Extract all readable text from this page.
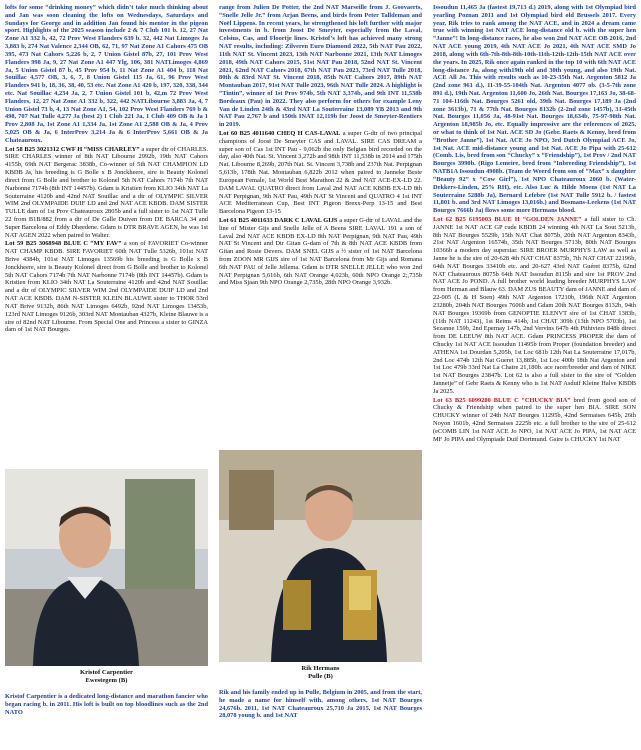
lofts for some “drinking money” which didn’t take much thinking about and Jan was soon cleaning the lofts on Wednesdays, Saturdays and Sundays for George and in addition Jan found his mentor in the pigeon sport. Highlights of the 2025 season include 2 & 7 Club 101 b. 12, 27 Nat Zone A1 332 b, 42, 72 Prov West Flanders 639 b. 32, 442 Nat Limoges Ja 3,883 b, 274 Nat Valence 2,344 OB, 62, 71, 97 Nat Zone A1 Cahors 475 OB 395, 473 Nat Cahors 5,226 b, 2, 7 Union Gistel 87b, 27, 101 Prov West Flanders 998 Ja, 9, 27 Nat Zone A1 447 Ylg, 106, 381 NATLimoges 4,869 Ja, 5 Union Gistel 87 b, 45 Prov 954 b, 11 Nat Zone A1 404 b, 118 Nat Souillac 4,577 OB, 3, 6, 7, 8 Union Gistel 115 Ja, 61, 96 Prov West Flanders 941 b, 18, 36, 38, 40, 53 etc. Nat Zone A1 420 b, 197, 320, 338, 344 etc. Nat Souillac 4,234 Ja, 2, 7 Union Gistel 101 b, 42,m 72 Prov West Flanders, 12, 27 Nat Zone A1 332 b, 322, 442 NATLibourne 3,883 Ja, 4, 7 Union Gistel 73 b, 4, 13 Nat Zone A1, 54, 102 Prov West Flanders 769 b & 498, 707 Nat Tulle 4,277 Ja (best 2) 1 Club 221 Ja, 1 Club 409 OB & Ja 1 Prov 2,808 Ja, 1st Zone A1 1,334 Ja, 1st Zone A1 2,588 OB & Ja, 4 Prov 5,025 OB & Ja, 6 InterProv 3,214 Ja & 6 InterProv 5,661 OB & Ja Chateauroux.

Lot 58 B25 3021312 CWF H “MISS CHARLEY” a super dtr of CHARLES. SIRE CHARLES winner of 8th NAT Libourne 2992b, 19th NAT Cahors 4155b, 69th NAT Bergerac 3838b, Co-winner of 5th NAT CHAMPION LD KBDB Ja, his breeding is G Bolle x B Jonckheere, sire is Beauty Kolonel direct from G Bolle and brother to Kolonel 5th NAT Cahors 7174b 7th NAT Narbonne 7174b (8th INT 14457b). Gdam is Kristien from KLIO 34th NAT La Souterraine 4120b and 42nd NAT Souillac and a dtr of OLYMPIC SILVER WIM 2nd OLYMPAIDE DUIF LD and 2nd NAT ACE KBDB. DAM SISTER TULLE dam of 1st Prov Chateauroux 2805b and a full sister to 1st NAT Tulle 22 from B1B/882 from a dtr of De Galle Duiven from DE BARCA 34 and Super Barcelona of Eddy Dheedene. Gdam is DTR BRAVE AGEN, he was 1st NAT AGEN 2022 when paired to Walter.

Lot 59 B25 3068948 BLUE C “MY FAV” a son of FAVORIET Co-winner NAT CHAMP KBDB. SIRE FAVORIET 60th NAT Tulle 5326b, 101st NAT Brive 4384b, 101st NAT Limoges 13569b his breeding is G Bolle x B Jonckheere, sire is Beauty Kolonel direct from G Bolle and brother to Kolonel 5th NAT Cahors 7174b 7th NAT Narbonne 7174b (8th INT 14457b). Gdam is Kristien from KLIO 34th NAT La Souterraine 4120b and 42nd NAT Souillac and a dtr of OLYMPIC SILVER WIM 2nd OLYMPAIDE DUIF LD and 2nd NAT ACE KBDB. DAM N-SISTER KLEIN BLAUWE sister to THOR 53rd NAT Brive 9132b, 86th NAT Limoges 6492b, 92nd NAT Limoges 13453b, 123rd NAT Limoges 9126b, 303rd NAT Montauban 4327b, Kleine Blauwe is a sire of 82nd NAT Libourne. From Special One and Princess a sister to GINZA dam of 1st NAT Bourges.

Kristof Carpentier
Ewestegem (B)
Kristof Carpentier is a dedicated long-distance and marathon fancier who began racing b. in 2011. His loft is built on top bloodlines such as the 2nd NATO

range from Julien De Potter, the 2nd NAT Marseille from J. Goovaerts, “Snelle Jelle Jr.” from Arjan Beens, and birds from Peter Talldeman and Noël Lippens. In recent years, he strengthened his loft further with major investments in b. from Joost De Smeyter, especially from the Laval, Celsius, Cas, and Floortje lines. Kristof’s loft has achieved many strong NAT results, including: Zilveren Euro Diamond 2022, 5th NAT Pau 2022, 11th NAT St. Vincent 2023, 13th NAT Narbonne 2021, 13th NAT Limoges 2018, 49th NAT Cahors 2015, 51st NAT Pau 2018, 52nd NAT St. Vincent 2021, 62nd NAT Cahors 2018, 67th NAT Pau 2023, 73rd NAT Tulle 2018, 80th & 83rd NAT St. Vincent 2018, 85th NAT Cahors 2017, 89th NAT Montauban 2017, 91st NAT Tulle 2023, 96th NAT Tulle 2024. A highlight is “Tintin”, winner of 1st Prov 974b, 5th NAT 3,374b, and 9th INT 11,538b Bordeaux (Pau) in 2022. They also perform for others for example Leny Van de Linden 24th & 43rd NAT La Souterraine 13,089 YB 2013 and 9th NAT Pau 2,767 b and 150th INAT 12,119b for Joost de Smeyter-Rentiers in 2019.

Lot 60 B25 4011640 CHEQ H CAS-LAVAL a super G-dtr of two principal champions of Joost De Smeyter CAS and LAVAL. SIRE CAS DREAM a super son of Cas 1st INT Pau - 9,062b the only Belgian bird recorded on the day, also 40th Nat. St. Vincent 3,272b and 98th INT 11,538b in 2014 and 175th Nat. Libourne 8,269b, 207th Nat. St. Vincent 3,738b and 237th Nat. Perpignan 5,613b, 178th Nat. Montauban 6,822b 2012 when paired to Janneke Beste European Female, 1st World Best Marathon 22 & 2nd NAT ACE-EX-LD 22. DAM LAVAL QUATRO direct from Laval 2nd NAT ACE KBDB EX-LD 8th NAT Perpignan, 9th NAT Pau, 49th NAT St Vincent and QUATRO 4 1st INT ACE Mediterranean Cup, Best INT Pigeon Brexx-Perp 13-15 and Best Barcelona Pigeon 13-15

Lot 61 B25 4011633 DARK C LAVAL GIJS a super G-dtr of LAVAL and the line of Mister Gijs and Snelle Jelle of A Beens SIRE LAVAL 191 a son of Laval 2nd NAT ACE KBDB EX-LD 8th NAT Perpignan, 9th NAT Pau, 49th NAT St Vincent and Dtr Gitan G-dam of 7th & 8th NAT ACE KBDB from Gitan and Rosie Devers. DAM SNEL GIJS a ½ sister of 1st NAT Barcelona from ZOON MR GIJS sire of 1st NAT Barcelona from Mr Gijs and Romana 6th NAT PAU of Jelle Jellema. Gdam is DTR SNELLE JELLE who won 2nd NAT Perpignan 5,616b, 6th NAT Orange 4,023b, 60th NPO Orange 2;,735b and Miss Sjaan 9th NPO Orange 2,735b, 28th NPO Orange 3,932b.

Rik Hermans
Pulle (B)
Rik and his family ended up in Pulle, Belgium in 2005, and from the start, he made a name for himself with, among others, 1st NAT Bourges 24,676b. 2011, 1st NAT Chateauroux 25,710 Ja 2015, 1st NAT Bourges 28,078 young b. and 1st NAT

Issoudun 11,465 Ja (fastest 19,713 d.) 2019, along with 1st Olympiad bird yearling Poznan 2011 and 1st Olympiad bird old Brussels 2017. Every year, Rik tries to rank among the NAT ACE, and in 2024 a dream came true with winning 1st NAT ACE long-distance old b. with the super hen “Janne”! In long-distance races, he also won 2nd NAT ACE OB 2016, 2nd NAT ACE young 2019, 4th NAT ACE Jo 2021, 4th NAT ACE SMD Jo 2018, along with 6th-7th-8th-8th-10th-11th-12th-12th-15th NAT ACE over the years. In 2025, Rik once again ranked in the top 10 with 6th NAT ACE long-distance Ja, along with19th old and 30th young, and also 19th Nat. ACE All Jo. This with results such as 10-23-35th Nat. Argenton 5812 Ja (2nd zone 961 d.), 11-39-55-104th Nat. Argenton 4077 ob. (3-5-7th zone 891 d.), 19th Nat. Argenton 11,600 Jo, 26th Nat. Bourges 17,163 Jo, 38-68-71 104-116th Nat. Bourges 5261 old, 39th Nat. Bourges 17,189 Ja (2nd zone 3613b), 71 & 77th Nat. Bourges 8132b (2-2nd zone 1457b), 31-45th Nat. Bourges 11,056 Ja, 48-91st Nat. Bourges 18,634b, 75-97-98th Nat. Argenton 18,985b Jo, etc. Equally impressive are the references of 2025, or what to think of 1st Nat. ACE SD Jo (Gebr. Raets & Kenny, bred from “Brother Janne”), 1st Nat. ACE Jo NPO, 3rd Dutch Olympiad ACE Jo, 1st Nat. ACE mid-distance young and 1st Nat. ACE Jo Pipa with 25-612 (Comb. Lis, bred from son “Chucky” x “Friendship”), 1st Prov / 2nd NAT Bourges 3990b. (Rigo Lemeire, bred from “Inbreeding Friendship”), 1st NATB1A Issoudun 4908b. (Team de Weerd from son of “Max” x daughter “Beauty 92” x “Cow Girl”), 1st NPO Chateauroux 2060 b. (Water-Dekkers-Linden, 25% RH), etc. Also Luc & Hilde Moens (1st NAT La Souterraine 5288b Ja), Bernard Lefebre (1st NAT Tulle 5912 b. / fastest 11,801 b. and 3rd NAT Limoges 13,016b.) and Bosmans-Leekens (1st NAT Bourges 7666b Ja) flows some more Hermans blood.

Lot 62 B25 6195003 BLUE H “GOLDEN JANNE” a full sister to Ch. JANNE 1st NAT ACE GP cude KBDB 24 winning 4th NAT La Sout 5213b, 8th NAT Bourges 5529b, 15th NAT Chat 8075b, 20th NAT Argenton 8343b, 21st NAT Argenton 16574b, 35th NAT Bourges 5713b, 80th NAT Bourges 10366b a modern day superstar. SIRE BROER MURPHYS LAW as well as Janne he is the sire of 20-628 4th NAT CHAT 8375b, 7th NAT CHAT 22196b, 64th NAT Bourges 33410b etc. and 20-627 43rd NAT Guéret 8375b, 62nd NAT Chateauroux 8075b 64th NAT Issoudun 8115b and sire 1st PROV 2nd NAT ACE Jo POND. A full brother world leading breeder MURPHYS LAW from Herman and Blauw 63. DAM ZUS BEAUTY dam of JANNE and dam of 22-005 (L & H Soen) 49th NAT Argenton 17210b, 196th NAT Argenton 23280b, 204th NAT Bourges 7606b and Gdam 20th NAT Bourges 8132b, 94th NAT Bourges 19369b from GENOPTIE ELENVT sire of 1st CHAT 1383b, (11th NAT 11243), 1st Reims 414b, 1st CHAT 309b (13th NPO 5703b), 1st Sezanne 159b, 2nd Epernay 147b, 2nd Vervins 647b 4th Pithiviers 848b direct from DE LEEUW 8th NAT ACE. Gdam PRINCESS PROPER the dam of Chucky 1st NAT ACE Issoudun 11495b from Proper (foundation breeder) and ATHENA 1st Dourdan 5,205b, 1st Loc 681b 12th Nat La Souterraine 17,017b, 2nd Loc 474b 12th Nat Gueret 13,885b, 1st Loc 400b 18th Nat Argenton and 1st Loc 479b 33rd Nat La Chatre 21,180b. ace racer/breeder and dam of NIKE 1st NAT Bourges 23847b. Lot 62 is also a full sister to the sire of “Golden Jannetje” of Gebr Raets & Kenny who is 1st NAT Asduif Kleine Halve KBDB Ja 2025.

Lot 63 B25 6099280 BLUE C “CHUCKY BIA” bred from good son of Chucky & Friendship when paired to the super hen BIA. SIRE SON CHUCKY winner of 24th NAT Bourges 11295b, 42nd Sermaises 645b, 26th Noyon 1601b, 42nd Sermaises 2225b etc. a full brother to the sire of 25-612 (eCOMB LIN 1st NAT ACE Jo NPO, 1st NAT ACE Jo PIPA, 1st NAT ACE MF Jo PIPA and Olympiade Duif Dortmund. Gsire is CHUCKY 1st NAT
